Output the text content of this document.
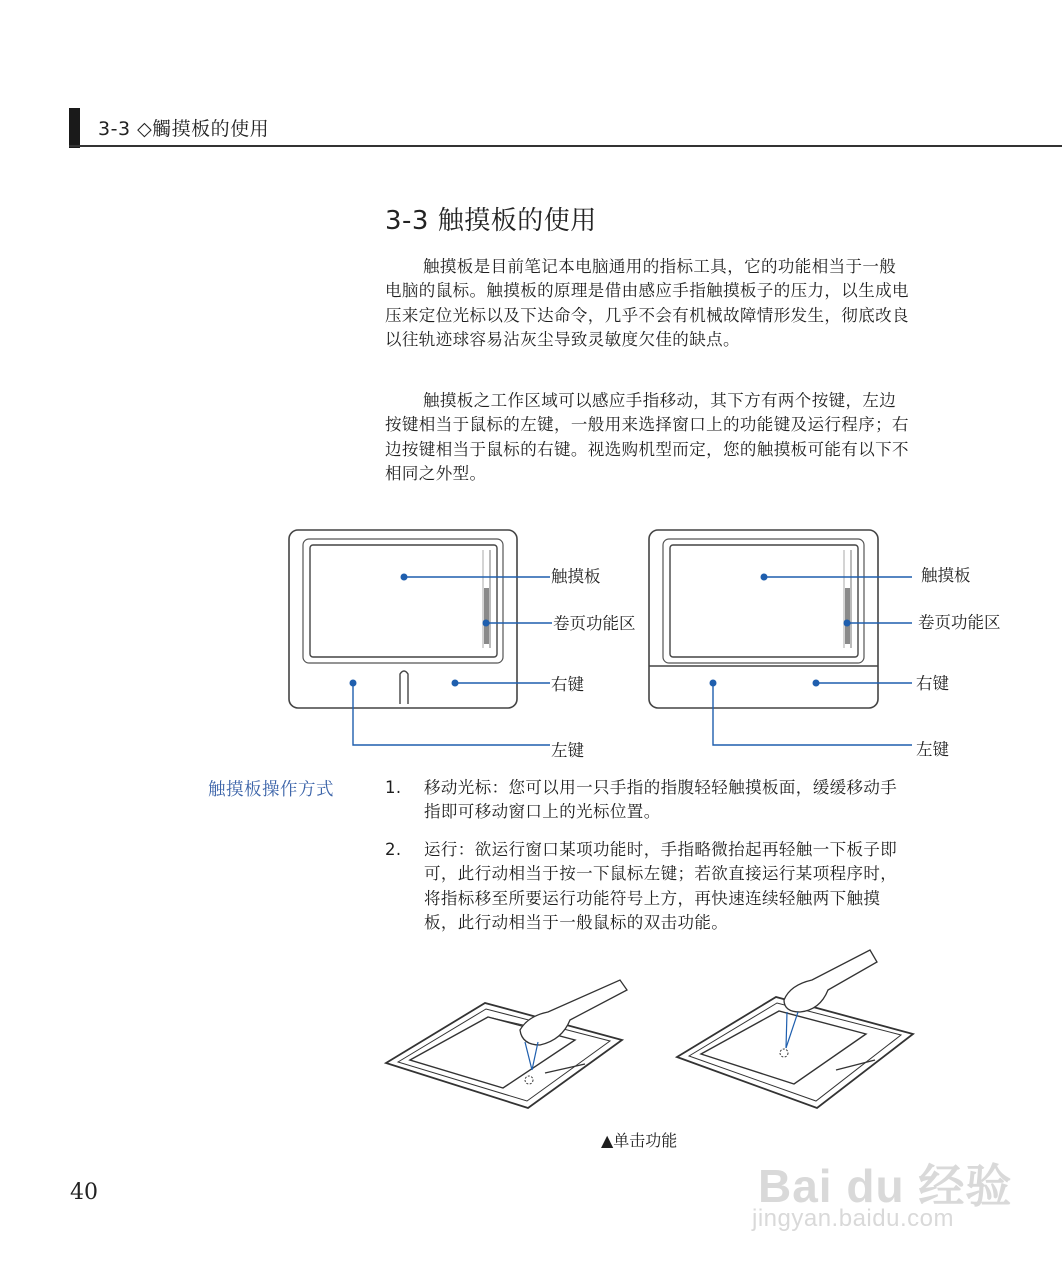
3-3 ◇觸摸板的使用
3-3 触摸板的使用
触摸板是目前笔记本电脑通用的指标工具，它的功能相当于一般电脑的鼠标。触摸板的原理是借由感应手指触摸板子的压力，以生成电压来定位光标以及下达命令，几乎不会有机械故障情形发生，彻底改良以往轨迹球容易沾灰尘导致灵敏度欠佳的缺点。
触摸板之工作区域可以感应手指移动，其下方有两个按键，左边按键相当于鼠标的左键，一般用来选择窗口上的功能键及运行程序；右边按键相当于鼠标的右键。视选购机型而定，您的触摸板可能有以下不相同之外型。
触摸板
卷页功能区
右键
左键
触摸板
卷页功能区
右键
左键
触摸板操作方式	1. 移动光标：您可以用一只手指的指腹轻轻触摸板面，缓缓移动手指即可移动窗口上的光标位置。
2. 运行：欲运行窗口某项功能时，手指略微抬起再轻触一下板子即可，此行动相当于按一下鼠标左键；若欲直接运行某项程序时，将指标移至所要运行功能符号上方，再快速连续轻触两下触摸板，此行动相当于一般鼠标的双击功能。
▲单击功能
40	Bai du 经验
jingyan.baidu.com
